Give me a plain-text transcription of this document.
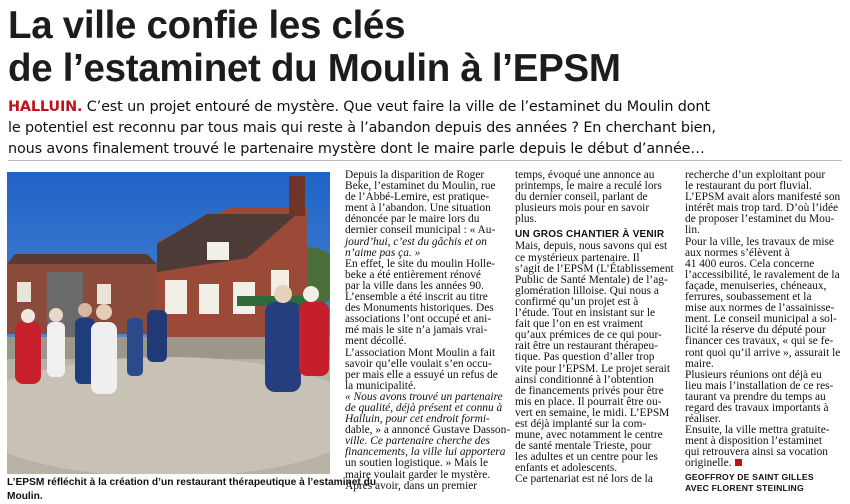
La ville confie les clés
de l’estaminet du Moulin à l’EPSM

HALLUIN. C’est un projet entouré de mystère. Que veut faire la ville de l’estaminet du Moulin dont
le potentiel est reconnu par tous mais qui reste à l’abandon depuis des années ? En cherchant bien,
nous avons finalement trouvé le partenaire mystère dont le maire parle depuis le début d’année…

L’EPSM réfléchit à la création d’un restaurant thérapeutique à l’estaminet du
Moulin.

Depuis la disparition de Roger
Beke, l’estaminet du Moulin, rue
de l’Abbé-Lemire, est pratique-
ment à l’abandon. Une situation
dénoncée par le maire lors du
dernier conseil municipal : « Au-
jourd’hui, c’est du gâchis et on
n’aime pas ça. »
En effet, le site du moulin Holle-
beke a été entièrement rénové
par la ville dans les années 90.
L’ensemble a été inscrit au titre
des Monuments historiques. Des
associations l’ont occupé et ani-
mé mais le site n’a jamais vrai-
ment décollé.
L’association Mont Moulin a fait
savoir qu’elle voulait s’en occu-
per mais elle a essuyé un refus de
la municipalité.
« Nous avons trouvé un partenaire
de qualité, déjà présent et connu à
Halluin, pour cet endroit formi-
dable, » a annoncé Gustave Dasson-
ville. Ce partenaire cherche des
financements, la ville lui apportera
un soutien logistique. » Mais le
maire voulait garder le mystère.
Après avoir, dans un premier
temps, évoqué une annonce au
printemps, le maire a reculé lors
du dernier conseil, parlant de
plusieurs mois pour en savoir
plus.
UN GROS CHANTIER À VENIR
Mais, depuis, nous savons qui est
ce mystérieux partenaire. Il
s’agit de l’EPSM (L’Établissement
Public de Santé Mentale) de l’ag-
glomération lilloise. Qui nous a
confirmé qu’un projet est à
l’étude. Tout en insistant sur le
fait que l’on en est vraiment
qu’aux prémices de ce qui pour-
rait être un restaurant thérapeu-
tique. Pas question d’aller trop
vite pour l’EPSM. Le projet serait
ainsi conditionné à l’obtention
de financements privés pour être
mis en place. Il pourrait être ou-
vert en semaine, le midi. L’EPSM
est déjà implanté sur la com-
mune, avec notamment le centre
de santé mentale Trieste, pour
les adultes et un centre pour les
enfants et adolescents.
Ce partenariat est né lors de la
recherche d’un exploitant pour
le restaurant du port fluvial.
L’EPSM avait alors manifesté son
intérêt mais trop tard. D’où l’idée
de proposer l’estaminet du Mou-
lin.
Pour la ville, les travaux de mise
aux normes s’élèvent à
41 400 euros. Cela concerne
l’accessibilité, le ravalement de la
façade, menuiseries, chéneaux,
ferrures, soubassement et la
mise aux normes de l’assainisse-
ment. Le conseil municipal a sol-
licité la réserve du député pour
financer ces travaux, « qui se fe-
ront quoi qu’il arrive », assurait le
maire.
Plusieurs réunions ont déjà eu
lieu mais l’installation de ce res-
taurant va prendre du temps au
regard des travaux importants à
réaliser.
Ensuite, la ville mettra gratuite-
ment à disposition l’estaminet
qui retrouvera ainsi sa vocation
originelle.
GEOFFROY DE SAINT GILLES
AVEC FLORENT STEINLING
